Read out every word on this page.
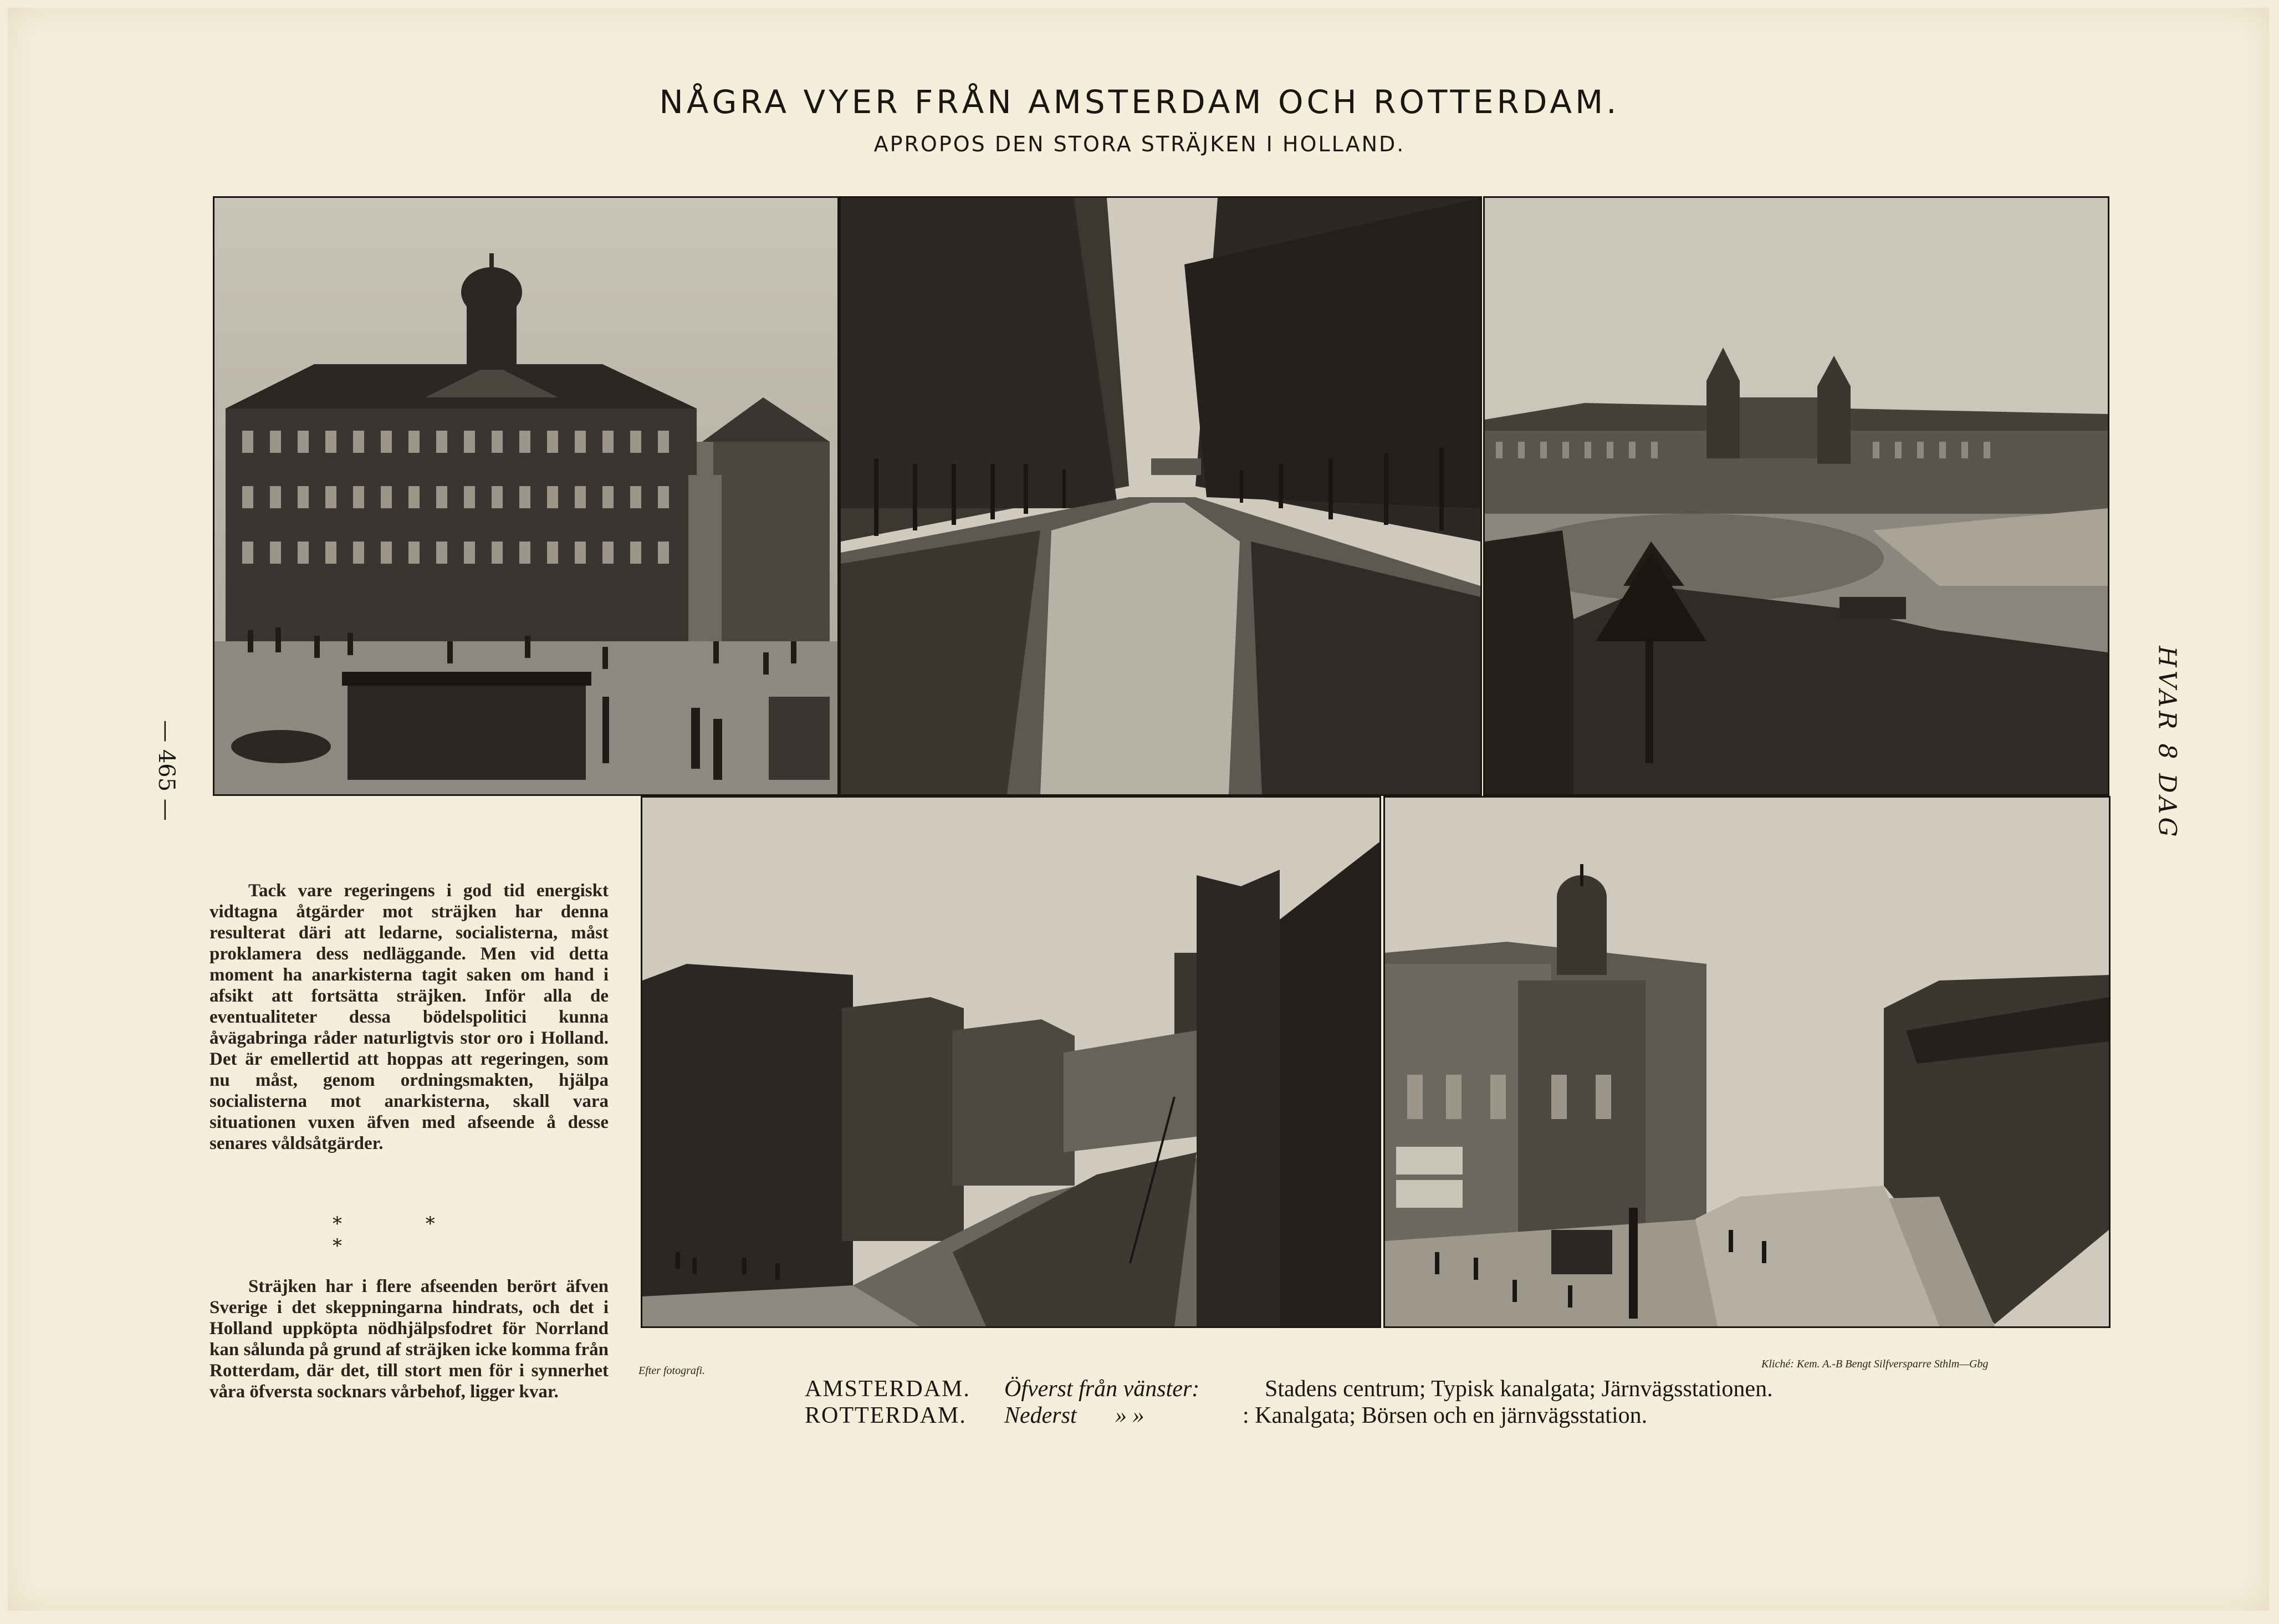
NÅGRA VYER FRÅN AMSTERDAM OCH ROTTERDAM.
APROPOS DEN STORA STRÄJKEN I HOLLAND.
— 465 —	HVAR 8 DAG
Tack vare regeringens i god tid energiskt vidtagna åtgärder mot sträjken har denna resulterat däri att ledarne, socialisterna, måst proklamera dess nedläggande. Men vid detta moment ha anarkisterna tagit saken om hand i afsikt att fortsätta sträjken. Inför alla de eventualiteter dessa bödelspolitici kunna åvägabringa råder naturligtvis stor oro i Holland. Det är emellertid att hoppas att regeringen, som nu måst, genom ordningsmakten, hjälpa socialisterna mot anarkisterna, skall vara situationen vuxen äfven med afseende å desse senares våldsåtgärder.
* * *
Sträjken har i flere afseenden berört äfven Sverige i det skeppningarna hindrats, och det i Holland uppköpta nödhjälpsfodret för Norrland kan sålunda på grund af sträjken icke komma från Rotterdam, där det, till stort men för i synnerhet våra öfversta socknars vårbehof, ligger kvar.
Efter fotografi.
Kliché: Kem. A.-B Bengt Silfversparre Sthlm—Gbg
AMSTERDAM.	Öfverst från vänster:	Stadens centrum; Typisk kanalgata; Järnvägsstationen.
ROTTERDAM.	Nederst	» »	: Kanalgata; Börsen och en järnvägsstation.
